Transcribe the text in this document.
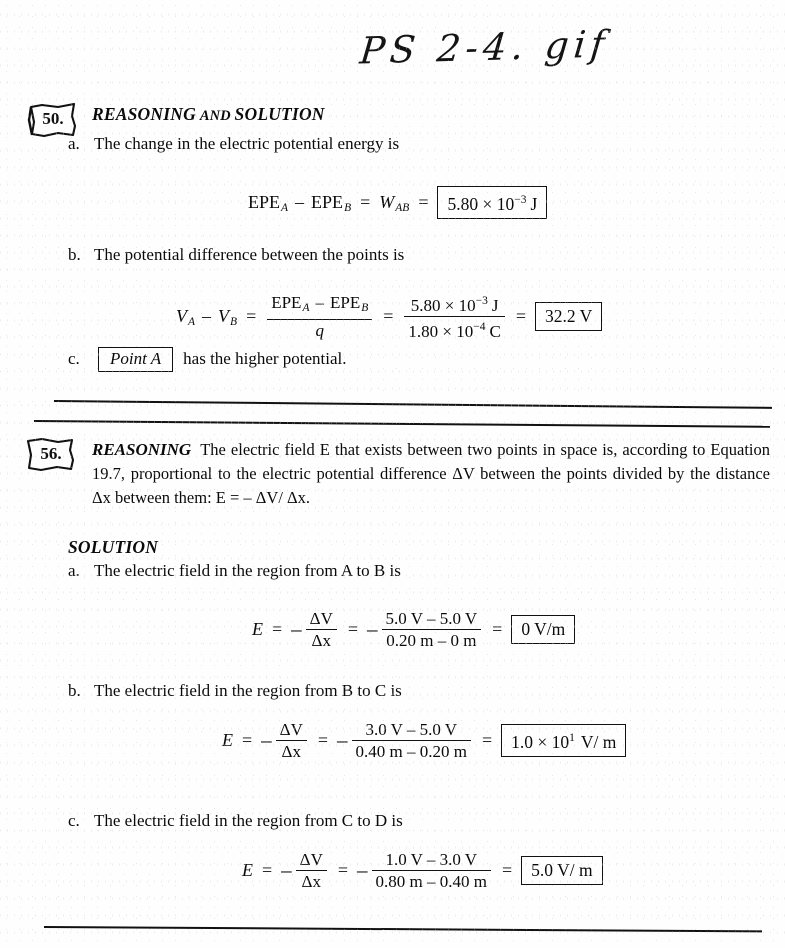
PS 2-4. gif
50.	REASONING AND SOLUTION
a. The change in the electric potential energy is
$EPE_A - EPE_B = W_{AB}$ =	$5.80 \times 10^{-3}$ J
b. The potential difference between the points is
$V_A - V_B = \frac{EPE_A - EPE_B}{q} = \frac{5.80 \times 10^{-3} J}{1.80 \times 10^{-4} C}$ =	32.2 V
c.	Point A has the higher potential.
56.	REASONING The electric field E that exists between two points in space is, according to Equation 19.7, proportional to the electric potential difference ΔV between the points divided by the distance Δx between them: E = – ΔV/ Δx.
SOLUTION
a. The electric field in the region from A to B is
E = – $\frac{\Delta V}{\Delta x}$ = – $\frac{5.0 V - 5.0 V}{0.20 m - 0 m}$ =	0 V/m
b. The electric field in the region from B to C is
E = – $\frac{\Delta V}{\Delta x}$ = – $\frac{3.0 V - 5.0 V}{0.40 m - 0.20 m}$ =	$1.0 \times 10^1$ V/ m
c. The electric field in the region from C to D is
E = – $\frac{\Delta V}{\Delta x}$ = – $\frac{1.0 V - 3.0 V}{0.80 m - 0.40 m}$ =	5.0 V/ m
